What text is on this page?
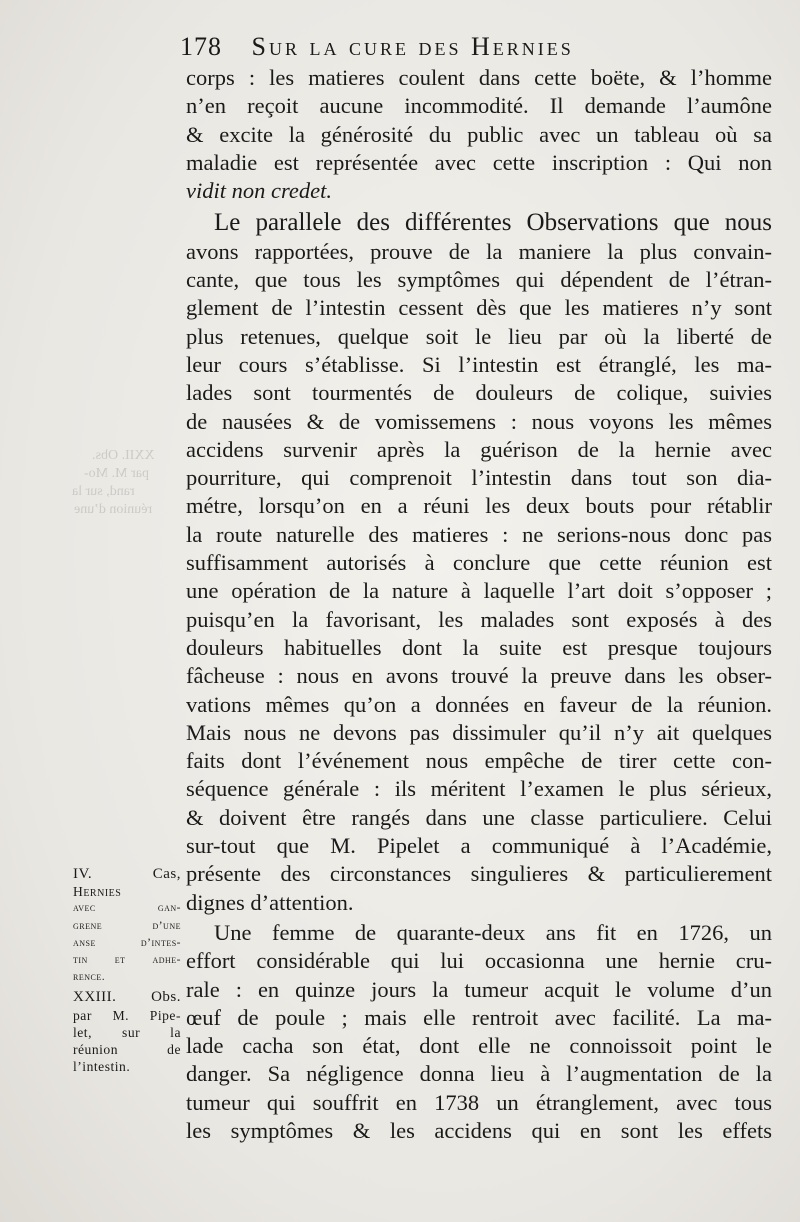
XXII. Obs.
par M. Mo-
rand, sur la
réunion d’une
178 Sur la cure des Hernies
corps : les matieres coulent dans cette boëte, & l’homme
n’en reçoit aucune incommodité. Il demande l’aumône
& excite la générosité du public avec un tableau où sa
maladie est représentée avec cette inscription : Qui non
vidit non credet.
Le parallele des différentes Observations que nous
avons rapportées, prouve de la maniere la plus convain-
cante, que tous les symptômes qui dépendent de l’étran-
glement de l’intestin cessent dès que les matieres n’y sont
plus retenues, quelque soit le lieu par où la liberté de
leur cours s’établisse. Si l’intestin est étranglé, les ma-
lades sont tourmentés de douleurs de colique, suivies
de nausées & de vomissemens : nous voyons les mêmes
accidens survenir après la guérison de la hernie avec
pourriture, qui comprenoit l’intestin dans tout son dia-
métre, lorsqu’on en a réuni les deux bouts pour rétablir
la route naturelle des matieres : ne serions-nous donc pas
suffisamment autorisés à conclure que cette réunion est
une opération de la nature à laquelle l’art doit s’opposer ;
puisqu’en la favorisant, les malades sont exposés à des
douleurs habituelles dont la suite est presque toujours
fâcheuse : nous en avons trouvé la preuve dans les obser-
vations mêmes qu’on a données en faveur de la réunion.
Mais nous ne devons pas dissimuler qu’il n’y ait quelques
faits dont l’événement nous empêche de tirer cette con-
séquence générale : ils méritent l’examen le plus sérieux,
& doivent être rangés dans une classe particuliere. Celui
sur-tout que M. Pipelet a communiqué à l’Académie,
présente des circonstances singulieres & particulierement
dignes d’attention.
Une femme de quarante-deux ans fit en 1726, un
effort considérable qui lui occasionna une hernie cru-
rale : en quinze jours la tumeur acquit le volume d’un
œuf de poule ; mais elle rentroit avec facilité. La ma-
lade cacha son état, dont elle ne connoissoit point le
danger. Sa négligence donna lieu à l’augmentation de la
tumeur qui souffrit en 1738 un étranglement, avec tous
les symptômes & les accidens qui en sont les effets
IV. Cas,
Hernies
avec gan-
grene d’une
anse d’intes-
tin et adhe-
rence.
XXIII. Obs.
par M. Pipe-
let, sur la
réunion de
l’intestin.
